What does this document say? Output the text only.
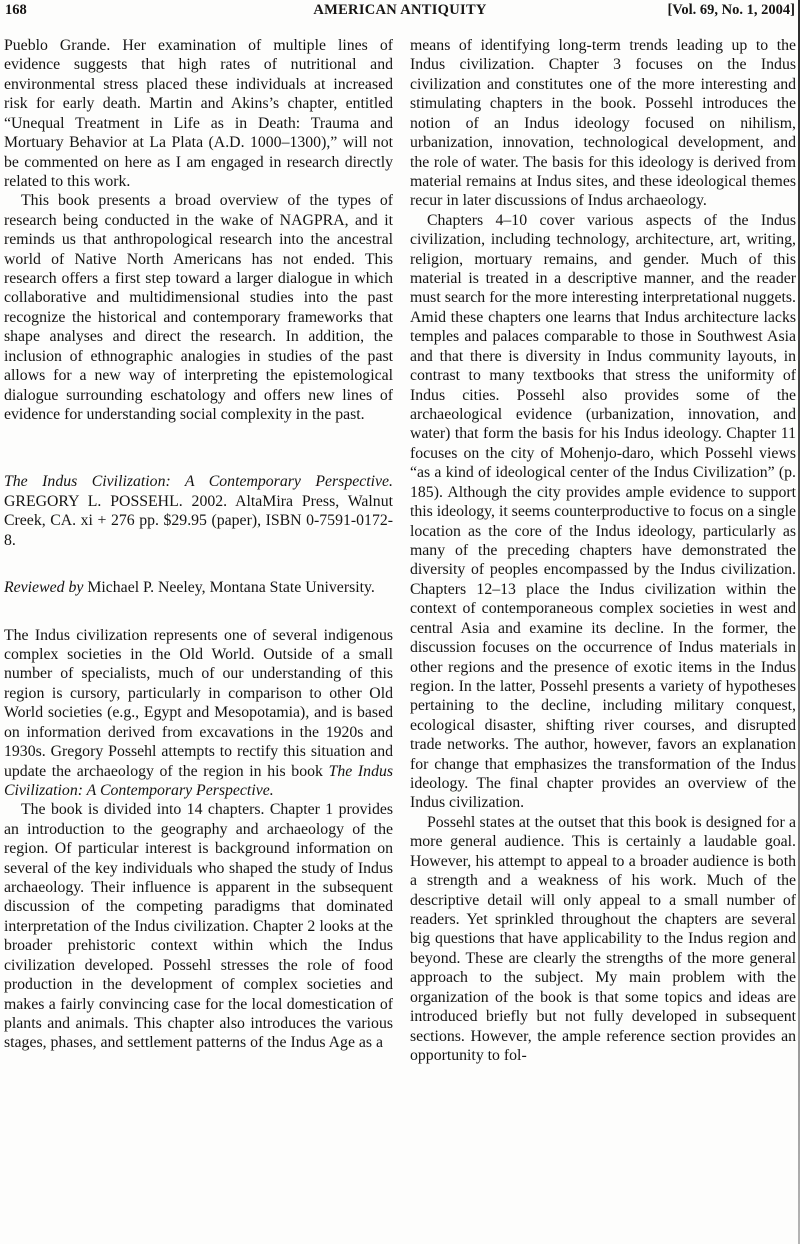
168	AMERICAN ANTIQUITY	[Vol. 69, No. 1, 2004]

Pueblo Grande. Her examination of multiple lines of evidence suggests that high rates of nutritional and environmental stress placed these individuals at increased risk for early death. Martin and Akins’s chapter, entitled “Unequal Treatment in Life as in Death: Trauma and Mortuary Behavior at La Plata (A.D. 1000–1300),” will not be commented on here as I am engaged in research directly related to this work.

This book presents a broad overview of the types of research being conducted in the wake of NAGPRA, and it reminds us that anthropological research into the ancestral world of Native North Americans has not ended. This research offers a first step toward a larger dialogue in which collaborative and multidimensional studies into the past recognize the historical and contemporary frameworks that shape analyses and direct the research. In addition, the inclusion of ethnographic analogies in studies of the past allows for a new way of interpreting the epistemological dialogue surrounding eschatology and offers new lines of evidence for understanding social complexity in the past.

The Indus Civilization: A Contemporary Perspective. GREGORY L. POSSEHL. 2002. AltaMira Press, Walnut Creek, CA. xi + 276 pp. $29.95 (paper), ISBN 0-7591-0172-8.

Reviewed by Michael P. Neeley, Montana State University.

The Indus civilization represents one of several indigenous complex societies in the Old World. Outside of a small number of specialists, much of our understanding of this region is cursory, particularly in comparison to other Old World societies (e.g., Egypt and Mesopotamia), and is based on information derived from excavations in the 1920s and 1930s. Gregory Possehl attempts to rectify this situation and update the archaeology of the region in his book The Indus Civilization: A Contemporary Perspective.

The book is divided into 14 chapters. Chapter 1 provides an introduction to the geography and archaeology of the region. Of particular interest is background information on several of the key individuals who shaped the study of Indus archaeology. Their influence is apparent in the subsequent discussion of the competing paradigms that dominated interpretation of the Indus civilization. Chapter 2 looks at the broader prehistoric context within which the Indus civilization developed. Possehl stresses the role of food production in the development of complex societies and makes a fairly convincing case for the local domestication of plants and animals. This chapter also introduces the various stages, phases, and settlement patterns of the Indus Age as a

means of identifying long-term trends leading up to the Indus civilization. Chapter 3 focuses on the Indus civilization and constitutes one of the more interesting and stimulating chapters in the book. Possehl introduces the notion of an Indus ideology focused on nihilism, urbanization, innovation, technological development, and the role of water. The basis for this ideology is derived from material remains at Indus sites, and these ideological themes recur in later discussions of Indus archaeology.

Chapters 4–10 cover various aspects of the Indus civilization, including technology, architecture, art, writing, religion, mortuary remains, and gender. Much of this material is treated in a descriptive manner, and the reader must search for the more interesting interpretational nuggets. Amid these chapters one learns that Indus architecture lacks temples and palaces comparable to those in Southwest Asia and that there is diversity in Indus community layouts, in contrast to many textbooks that stress the uniformity of Indus cities. Possehl also provides some of the archaeological evidence (urbanization, innovation, and water) that form the basis for his Indus ideology. Chapter 11 focuses on the city of Mohenjo-daro, which Possehl views “as a kind of ideological center of the Indus Civilization” (p. 185). Although the city provides ample evidence to support this ideology, it seems counterproductive to focus on a single location as the core of the Indus ideology, particularly as many of the preceding chapters have demonstrated the diversity of peoples encompassed by the Indus civilization. Chapters 12–13 place the Indus civilization within the context of contemporaneous complex societies in west and central Asia and examine its decline. In the former, the discussion focuses on the occurrence of Indus materials in other regions and the presence of exotic items in the Indus region. In the latter, Possehl presents a variety of hypotheses pertaining to the decline, including military conquest, ecological disaster, shifting river courses, and disrupted trade networks. The author, however, favors an explanation for change that emphasizes the transformation of the Indus ideology. The final chapter provides an overview of the Indus civilization.

Possehl states at the outset that this book is designed for a more general audience. This is certainly a laudable goal. However, his attempt to appeal to a broader audience is both a strength and a weakness of his work. Much of the descriptive detail will only appeal to a small number of readers. Yet sprinkled throughout the chapters are several big questions that have applicability to the Indus region and beyond. These are clearly the strengths of the more general approach to the subject. My main problem with the organization of the book is that some topics and ideas are introduced briefly but not fully developed in subsequent sections. However, the ample reference section provides an opportunity to fol-
